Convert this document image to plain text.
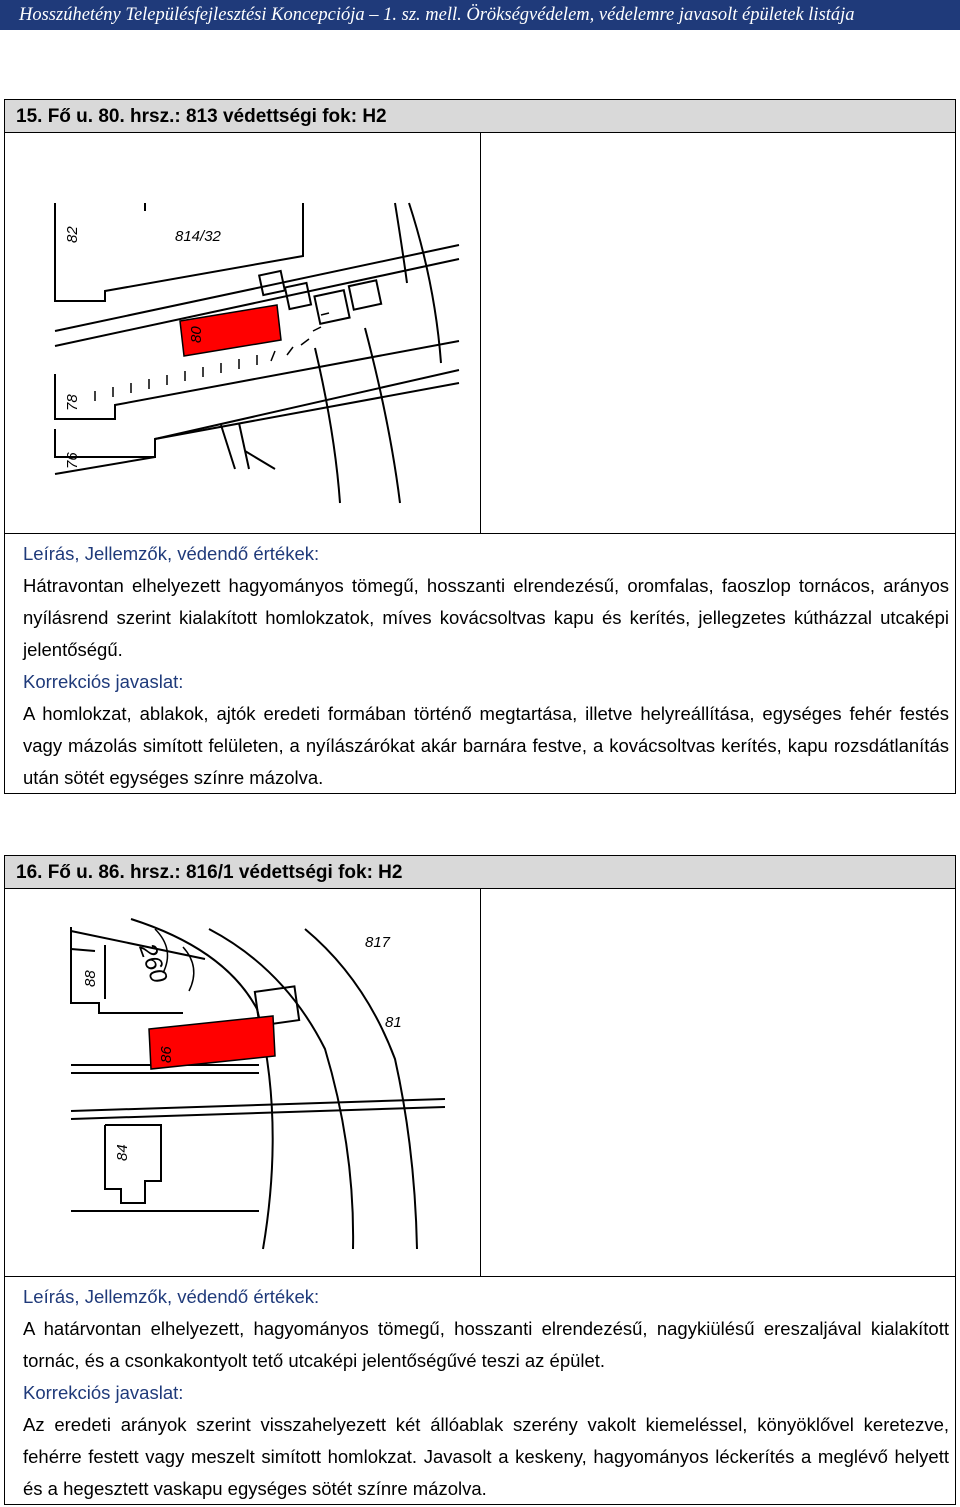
Hosszúhetény Településfejlesztési Koncepciója – 1. sz. mell. Örökségvédelem, védelemre javasolt épületek listája
15. Fő u. 80. hrsz.: 813 védettségi fok: H2
814/32
82
80
78
76
Leírás, Jellemzők, védendő értékek:
Hátravontan elhelyezett hagyományos tömegű, hosszanti elrendezésű, oromfalas, faoszlop tornácos, arányos nyílásrend szerint kialakított homlokzatok, míves kovácsoltvas kapu és kerítés, jellegzetes kútházzal utcaképi jelentőségű.
Korrekciós javaslat:
A homlokzat, ablakok, ajtók eredeti formában történő megtartása, illetve helyreállítása, egységes fehér festés vagy mázolás simított felületen, a nyílászárókat akár barnára festve, a kovácsoltvas kerítés, kapu rozsdátlanítás után sötét egységes színre mázolva.
16. Fő u. 86. hrsz.: 816/1 védettségi fok: H2
817
81
260
88
86
84
Leírás, Jellemzők, védendő értékek:
A határvontan elhelyezett, hagyományos tömegű, hosszanti elrendezésű, nagykiülésű ereszaljával kialakított tornác, és a csonkakontyolt tető utcaképi jelentőségűvé teszi az épület.
Korrekciós javaslat:
Az eredeti arányok szerint visszahelyezett két állóablak szerény vakolt kiemeléssel, könyöklővel keretezve, fehérre festett vagy meszelt simított homlokzat. Javasolt a keskeny, hagyományos léckerítés a meglévő helyett és a hegesztett vaskapu egységes sötét színre mázolva.
